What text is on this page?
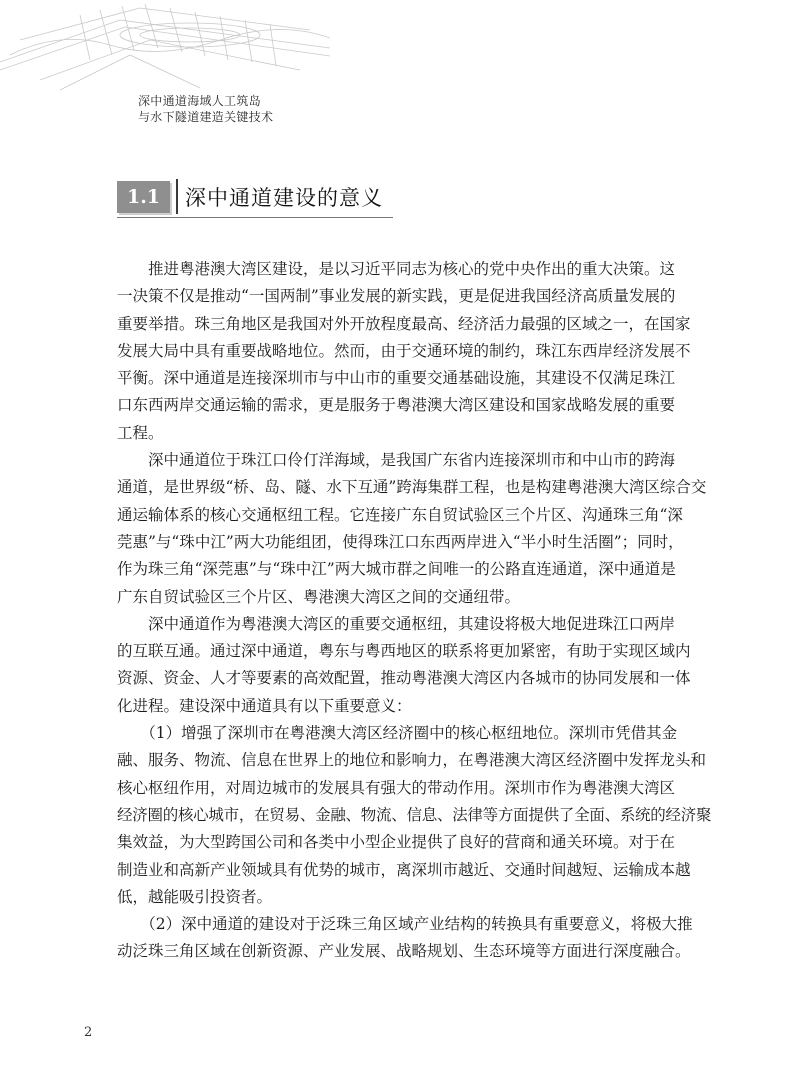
深中通道海域人工筑岛
与水下隧道建造关键技术
1.1	深中通道建设的意义
　　推进粤港澳大湾区建设，是以习近平同志为核心的党中央作出的重大决策。这
一决策不仅是推动“一国两制”事业发展的新实践，更是促进我国经济高质量发展的
重要举措。珠三角地区是我国对外开放程度最高、经济活力最强的区域之一，在国家
发展大局中具有重要战略地位。然而，由于交通环境的制约，珠江东西岸经济发展不
平衡。深中通道是连接深圳市与中山市的重要交通基础设施，其建设不仅满足珠江
口东西两岸交通运输的需求，更是服务于粤港澳大湾区建设和国家战略发展的重要
工程。
　　深中通道位于珠江口伶仃洋海域，是我国广东省内连接深圳市和中山市的跨海
通道，是世界级“桥、岛、隧、水下互通”跨海集群工程，也是构建粤港澳大湾区综合交
通运输体系的核心交通枢纽工程。它连接广东自贸试验区三个片区、沟通珠三角“深
莞惠”与“珠中江”两大功能组团，使得珠江口东西两岸进入“半小时生活圈”；同时，
作为珠三角“深莞惠”与“珠中江”两大城市群之间唯一的公路直连通道，深中通道是
广东自贸试验区三个片区、粤港澳大湾区之间的交通纽带。
　　深中通道作为粤港澳大湾区的重要交通枢纽，其建设将极大地促进珠江口两岸
的互联互通。通过深中通道，粤东与粤西地区的联系将更加紧密，有助于实现区域内
资源、资金、人才等要素的高效配置，推动粤港澳大湾区内各城市的协同发展和一体
化进程。建设深中通道具有以下重要意义：
　　（1）增强了深圳市在粤港澳大湾区经济圈中的核心枢纽地位。深圳市凭借其金
融、服务、物流、信息在世界上的地位和影响力，在粤港澳大湾区经济圈中发挥龙头和
核心枢纽作用，对周边城市的发展具有强大的带动作用。深圳市作为粤港澳大湾区
经济圈的核心城市，在贸易、金融、物流、信息、法律等方面提供了全面、系统的经济聚
集效益，为大型跨国公司和各类中小型企业提供了良好的营商和通关环境。对于在
制造业和高新产业领域具有优势的城市，离深圳市越近、交通时间越短、运输成本越
低，越能吸引投资者。
　　（2）深中通道的建设对于泛珠三角区域产业结构的转换具有重要意义，将极大推
动泛珠三角区域在创新资源、产业发展、战略规划、生态环境等方面进行深度融合。
2
